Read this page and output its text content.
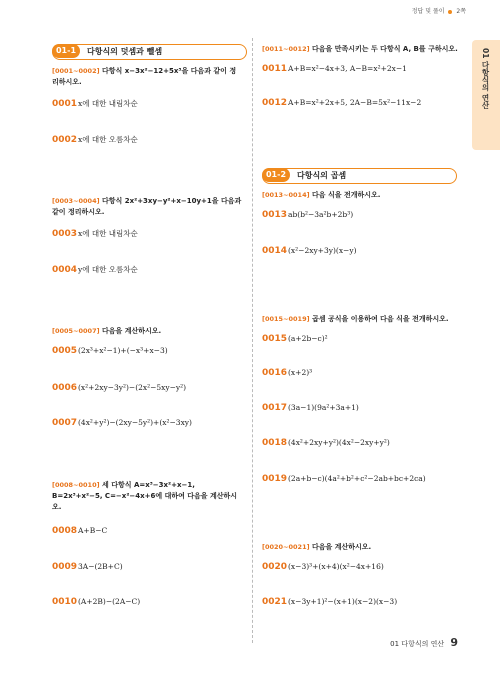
정답 및 풀이 2쪽
01 다항식의 연산
01-1	다항식의 덧셈과 뺄셈
[0001~0002] 다항식 x−3x²−12+5x³을 다음과 같이 정리하시오.
0001x에 대한 내림차순
0002x에 대한 오름차순
[0003~0004] 다항식 2x²+3xy−y²+x−10y+1을 다음과 같이 정리하시오.
0003x에 대한 내림차순
0004y에 대한 오름차순
[0005~0007] 다음을 계산하시오.
0005(2x³+x²−1)+(−x³+x−3)
0006(x²+2xy−3y²)−(2x²−5xy−y²)
0007(4x²+y²)−(2xy−5y²)+(x²−3xy)
[0008~0010] 세 다항식 A=x³−3x²+x−1, B=2x³+x²−5, C=−x²−4x+6에 대하여 다음을 계산하시오.
0008A+B−C
00093A−(2B+C)
0010(A+2B)−(2A−C)
[0011~0012] 다음을 만족시키는 두 다항식 A, B를 구하시오.
0011A+B=x²−4x+3, A−B=x²+2x−1
0012A+B=x²+2x+5, 2A−B=5x²−11x−2
01-2	다항식의 곱셈
[0013~0014] 다음 식을 전개하시오.
0013ab(b²−3a²b+2b³)
0014(x²−2xy+3y)(x−y)
[0015~0019] 곱셈 공식을 이용하여 다음 식을 전개하시오.
0015(a+2b−c)²
0016(x+2)³
0017(3a−1)(9a²+3a+1)
0018(4x²+2xy+y²)(4x²−2xy+y²)
0019(2a+b−c)(4a²+b²+c²−2ab+bc+2ca)
[0020~0021] 다음을 계산하시오.
0020(x−3)³+(x+4)(x²−4x+16)
0021(x−3y+1)²−(x+1)(x−2)(x−3)
01 다항식의 연산 9
